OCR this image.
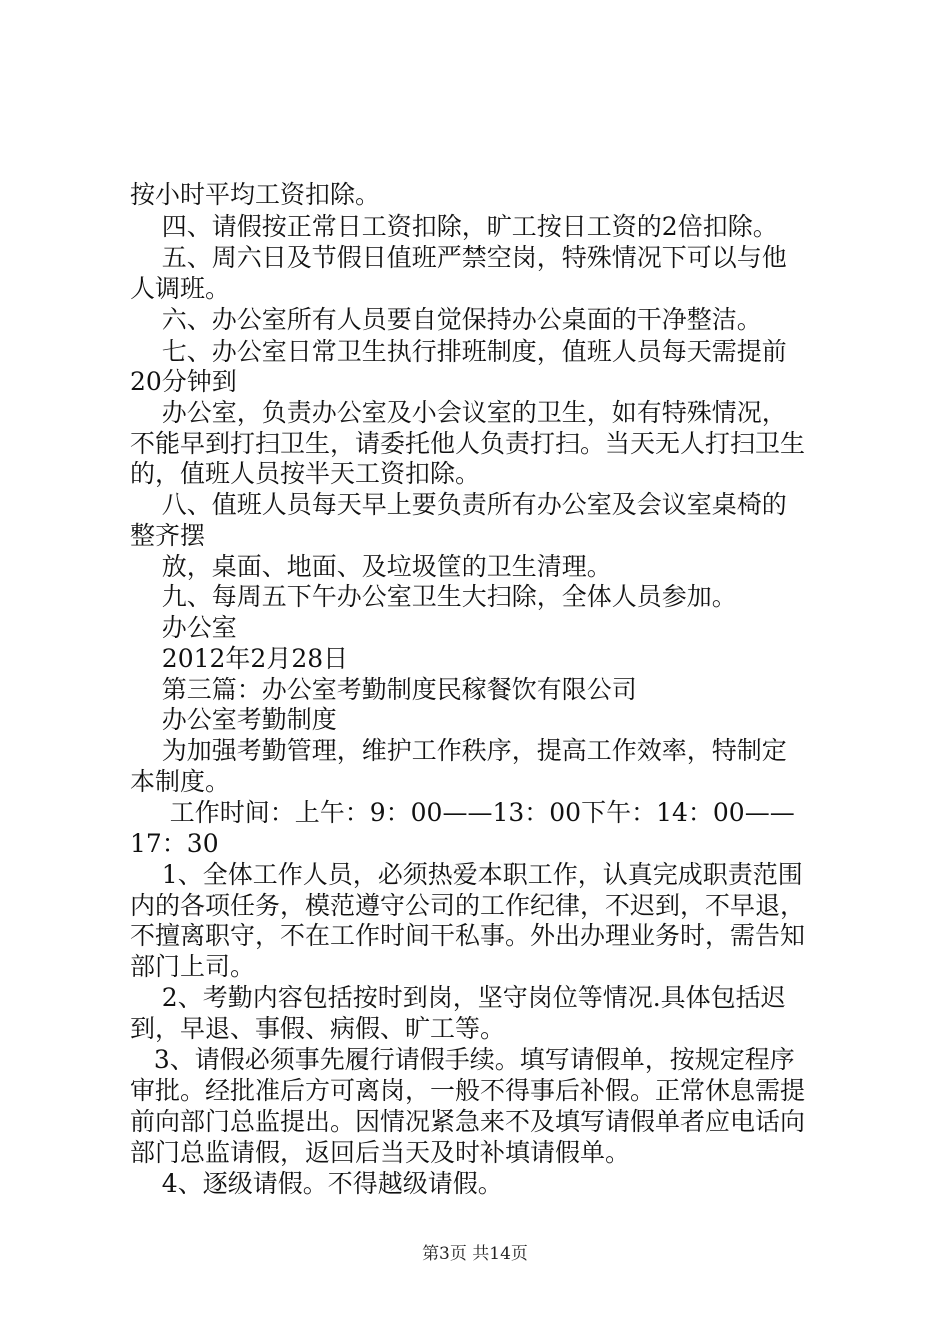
按小时平均工资扣除。
四、请假按正常日工资扣除，旷工按日工资的2倍扣除。
五、周六日及节假日值班严禁空岗，特殊情况下可以与他
人调班。
六、办公室所有人员要自觉保持办公桌面的干净整洁。
七、办公室日常卫生执行排班制度，值班人员每天需提前
20分钟到
办公室，负责办公室及小会议室的卫生，如有特殊情况，
不能早到打扫卫生，请委托他人负责打扫。当天无人打扫卫生
的，值班人员按半天工资扣除。
八、值班人员每天早上要负责所有办公室及会议室桌椅的
整齐摆
放，桌面、地面、及垃圾筐的卫生清理。
九、每周五下午办公室卫生大扫除，全体人员参加。
办公室
2012年2月28日
第三篇：办公室考勤制度民稼餐饮有限公司
办公室考勤制度
为加强考勤管理，维护工作秩序，提高工作效率，特制定
本制度。
工作时间：上午：9：00——13：00下午：14：00——
17：30
1、全体工作人员，必须热爱本职工作，认真完成职责范围
内的各项任务，模范遵守公司的工作纪律，不迟到，不早退，
不擅离职守，不在工作时间干私事。外出办理业务时，需告知
部门上司。
2、考勤内容包括按时到岗，坚守岗位等情况.具体包括迟
到，早退、事假、病假、旷工等。
3、请假必须事先履行请假手续。填写请假单，按规定程序
审批。经批准后方可离岗，一般不得事后补假。正常休息需提
前向部门总监提出。因情况紧急来不及填写请假单者应电话向
部门总监请假，返回后当天及时补填请假单。
4、逐级请假。不得越级请假。
第3页 共14页
